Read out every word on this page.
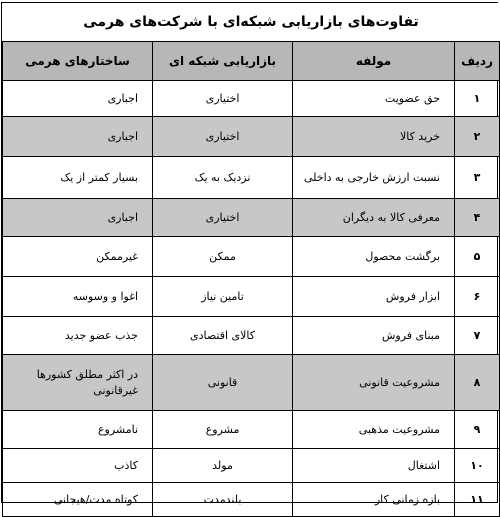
تفاوت‌های بازاریابی شبکه‌ای با شرکت‌های هرمی			
ردیف	مولفه	بازاریابی شبکه ای	ساختارهای هرمی
۱	حق عضویت	اختیاری	اجباری
۲	خرید کالا	اختیاری	اجباری
۳	نسبت ارزش خارجی به داخلی	نزدیک به یک	بسیار کمتر از یک
۴	معرفی کالا به دیگران	اختیاری	اجباری
۵	برگشت محصول	ممکن	غیرممکن
۶	ابزار فروش	تامین نیاز	اغوا و وسوسه
۷	مبنای فروش	کالای اقتصادی	جذب عضو جدید
۸	مشروعیت قانونی	قانونی	در اکثر مطلق کشورها غیرقانونی
۹	مشروعیت مذهبی	مشروع	نامشروع
۱۰	اشتغال	مولد	کاذب
۱۱	بازه زمانی کار	بلندمدت	کوتاه مدت‌/هیجانی
